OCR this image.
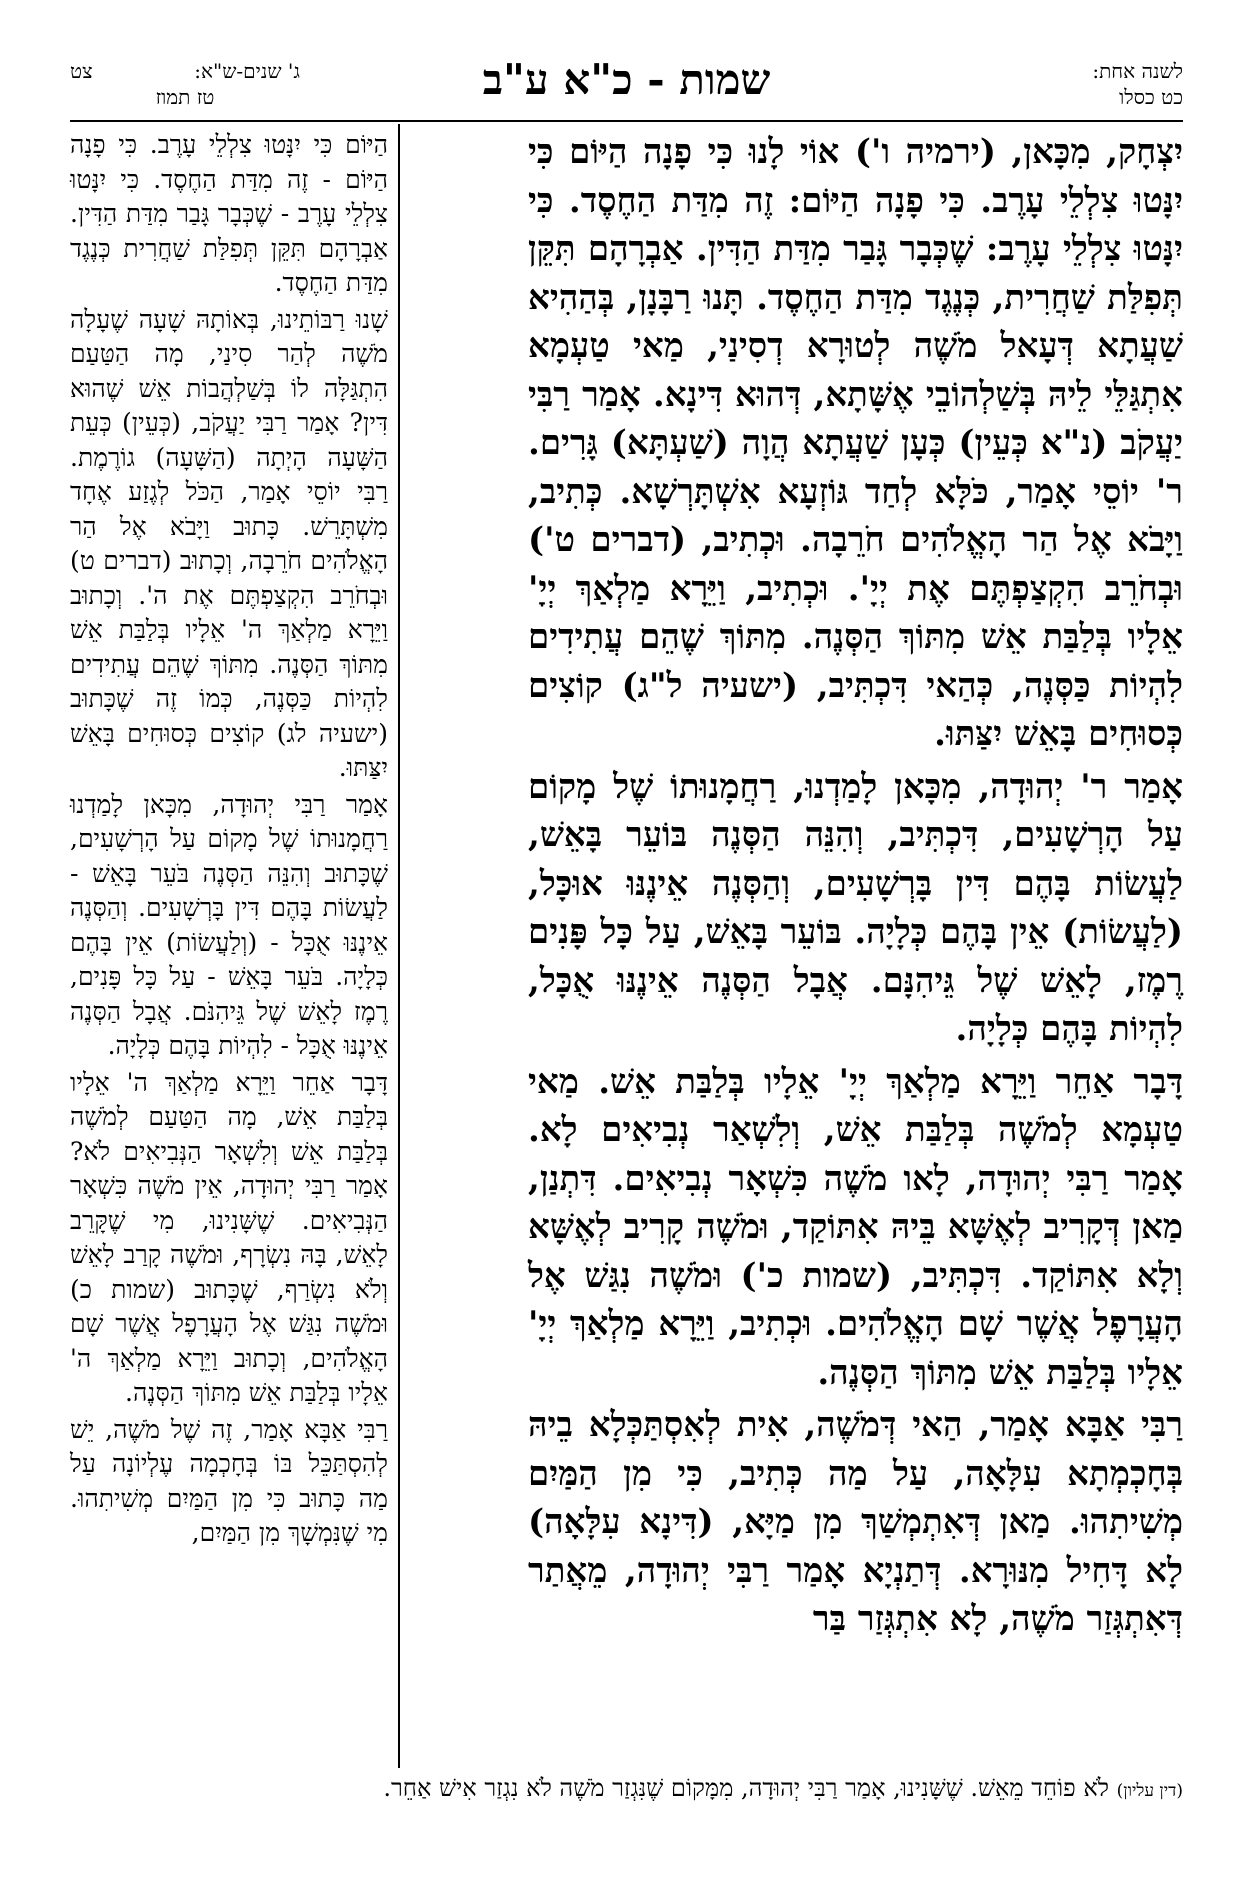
לשנה אחת:
כט כסלו
שמות - כ"א ע"ב
ג' שנים-ש"א:
צט
טז תמוז

יִצְחָק, מִכָּאן, (ירמיה ו') אוֹי לָנוּ כִּי פָנָה הַיּוֹם כִּי יִנָּטוּ צִלְלֵי עָרֶב. כִּי פָנָה הַיּוֹם: זֶה מִדַּת הַחֶסֶד. כִּי יִנָּטוּ צִלְלֵי עָרֶב: שֶׁכְּבָר גָּבַר מִדַּת הַדִּין. אַבְרָהָם תִּקֵּן תְּפִלַּת שַׁחֲרִית, כְּנֶגֶד מִדַּת הַחֶסֶד. תָּנוּ רַבָּנָן, בְּהַהִיא שַׁעֲתָא דְּעָאל מֹשֶׁה לְטוּרָא דְסִינַי, מַאי טַעְמָא אִתְגַּלֵּי לֵיהּ בְּשַׁלְהוֹבֵי אֶשָּׁתָא, דְּהוּא דִּינָא. אָמַר רַבִּי יַעֲקֹב (נ"א כְּעֵין) כְּעָן שַׁעֲתָא הֲוָה (שַׁעְתָּא) גָּרִים. ר' יוֹסֵי אָמַר, כֹּלָּא לְחַד גּוֹזְעָא אִשְׁתָּרְשָׁא. כְּתִיב, וַיָּבֹא אֶל הַר הָאֱלֹהִים חֹרֵבָה. וּכְתִיב, (דברים ט') וּבְחֹרֵב הִקְצַפְתֶּם אֶת יְיָ'. וּכְתִיב, וַיֵּרָא מַלְאַךְ יְיָ' אֵלָיו בְּלַבַּת אֵשׁ מִתּוֹךְ הַסְּנֶה. מִתּוֹךְ שֶׁהֵם עֲתִידִים לִהְיוֹת כַּסְּנֶה, כְּהַאי דִּכְתִּיב, (ישעיה ל"ג) קוֹצִים כְּסוּחִים בָּאֵשׁ יִצַּתּוּ.

אָמַר ר' יְהוּדָה, מִכָּאן לָמַדְנוּ, רַחֲמָנוּתוֹ שֶׁל מָקוֹם עַל הָרְשָׁעִים, דִּכְתִּיב, וְהִנֵּה הַסְּנֶה בּוֹעֵר בָּאֵשׁ, לַעֲשׂוֹת בָּהֶם דִּין בָּרְשָׁעִים, וְהַסְּנֶה אֵינֶנּוּ אוּכָּל, (לַעֲשׂוֹת) אֵין בָּהֶם כְּלָיָה. בּוֹעֵר בָּאֵשׁ, עַל כָּל פָּנִים רֶמֶז, לָאֵשׁ שֶׁל גֵּיהִנָּם. אֲבָל הַסְּנֶה אֵינֶנּוּ אֻכָּל, לִהְיוֹת בָּהֶם כְּלָיָה.

דָּבָר אַחֵר וַיֵּרָא מַלְאַךְ יְיָ' אֵלָיו בְּלַבַּת אֵשׁ. מַאי טַעְמָא לְמֹשֶׁה בְּלַבַּת אֵשׁ, וְלִשְׁאַר נְבִיאִים לָא. אָמַר רַבִּי יְהוּדָה, לָאו מֹשֶׁה כִּשְׁאָר נְבִיאִים. דִּתְנַן, מַאן דְּקָרִיב לְאֶשָּׁא בֵּיהּ אִתּוֹקַד, וּמֹשֶׁה קָרִיב לְאֶשָּׁא וְלָא אִתּוֹקַד. דִּכְתִּיב, (שמות כ') וּמֹשֶׁה נִגַּשׁ אֶל הָעֲרָפֶל אֲשֶׁר שָׁם הָאֱלֹהִים. וּכְתִיב, וַיֵּרָא מַלְאַךְ יְיָ' אֵלָיו בְּלַבַּת אֵשׁ מִתּוֹךְ הַסְּנֶה.

רַבִּי אַבָּא אָמַר, הַאי דְּמֹשֶׁה, אִית לְאִסְתַּכְּלָא בֵיהּ בְּחָכְמְתָא עִלָּאָה, עַל מַה כְּתִיב, כִּי מִן הַמַּיִם מְשִׁיתִהוּ. מַאן דְּאִתְמְשַׁךְ מִן מַיָּא, (דִּינָא עִלָּאָה) לָא דָּחִיל מִנּוּרָא. דְּתַנְיָא אָמַר רַבִּי יְהוּדָה, מֵאֲתַר דְּאִתְגְּזַר מֹשֶׁה, לָא אִתְגְּזַר בַּר

הַיּוֹם כִּי יִנָּטוּ צִלְלֵי עָרֶב. כִּי פָנָה הַיּוֹם - זֶה מִדַּת הַחֶסֶד. כִּי יִנָּטוּ צִלְלֵי עָרֶב - שֶׁכְּבָר גָּבַר מִדַּת הַדִּין. אַבְרָהָם תִּקֵּן תְּפִלַּת שַׁחֲרִית כְּנֶגֶד מִדַּת הַחֶסֶד.

שָׁנוּ רַבּוֹתֵינוּ, בְּאוֹתָהּ שָׁעָה שֶׁעָלָה מֹשֶׁה לְהַר סִינַי, מָה הַטַּעַם הִתְגַּלָּה לוֹ בְּשַׁלְהֲבוֹת אֵשׁ שֶׁהוּא דִּין? אָמַר רַבִּי יַעֲקֹב, (כְּעֵין) כְּעֵת הַשָּׁעָה הָיְתָה (הַשָּׁעָה) גוֹרֶמֶת. רַבִּי יוֹסֵי אָמַר, הַכֹּל לְגֶזַע אֶחָד מִשְׁתָּרֵשׁ. כָּתוּב וַיָּבֹא אֶל הַר הָאֱלֹהִים חֹרֵבָה, וְכָתוּב (דברים ט) וּבְחֹרֵב הִקְצַפְתֶּם אֶת ה'. וְכָתוּב וַיֵּרָא מַלְאַךְ ה' אֵלָיו בְּלַבַּת אֵשׁ מִתּוֹךְ הַסְּנֶה. מִתּוֹךְ שֶׁהֵם עֲתִידִים לִהְיוֹת כַּסְּנֶה, כְּמוֹ זֶה שֶׁכָּתוּב (ישעיה לג) קוֹצִים כְּסוּחִים בָּאֵשׁ יִצַּתּוּ.

אָמַר רַבִּי יְהוּדָה, מִכָּאן לָמַדְנוּ רַחֲמָנוּתוֹ שֶׁל מָקוֹם עַל הָרְשָׁעִים, שֶׁכָּתוּב וְהִנֵּה הַסְּנֶה בֹּעֵר בָּאֵשׁ - לַעֲשׂוֹת בָּהֶם דִּין בָּרְשָׁעִים. וְהַסְּנֶה אֵינֶנּוּ אֻכָּל - (וְלַעֲשׂוֹת) אֵין בָּהֶם כְּלָיָה. בֹּעֵר בָּאֵשׁ - עַל כָּל פָּנִים, רֶמֶז לָאֵשׁ שֶׁל גֵּיהִנֹּם. אֲבָל הַסְּנֶה אֵינֶנּוּ אֻכָּל - לִהְיוֹת בָּהֶם כְּלָיָה.

דָּבָר אַחֵר וַיֵּרָא מַלְאַךְ ה' אֵלָיו בְּלַבַּת אֵשׁ, מָה הַטַּעַם לְמֹשֶׁה בְּלַבַּת אֵשׁ וְלִשְׁאָר הַנְּבִיאִים לֹא? אָמַר רַבִּי יְהוּדָה, אֵין מֹשֶׁה כִּשְׁאָר הַנְּבִיאִים. שֶׁשָּׁנִינוּ, מִי שֶׁקָּרֵב לָאֵשׁ, בָּהּ נִשְׂרָף, וּמֹשֶׁה קָרַב לָאֵשׁ וְלֹא נִשְׂרַף, שֶׁכָּתוּב (שמות כ) וּמֹשֶׁה נִגַּשׁ אֶל הָעֲרָפֶל אֲשֶׁר שָׁם הָאֱלֹהִים, וְכָתוּב וַיֵּרָא מַלְאַךְ ה' אֵלָיו בְּלַבַּת אֵשׁ מִתּוֹךְ הַסְּנֶה.

רַבִּי אַבָּא אָמַר, זֶה שֶׁל מֹשֶׁה, יֵשׁ לְהִסְתַּכֵּל בּוֹ בְּחָכְמָה עֶלְיוֹנָה עַל מַה כָּתוּב כִּי מִן הַמַּיִם מְשִׁיתִהוּ. מִי שֶׁנִּמְשָׁךְ מִן הַמַּיִם,

(דין עליון) לֹא פוֹחֵד מֵאֵשׁ. שֶׁשָּׁנִינוּ, אָמַר רַבִּי יְהוּדָה, מִמָּקוֹם שֶׁנִּגְזַר מֹשֶׁה לֹא נִגְזַר אִישׁ אַחֵר.
